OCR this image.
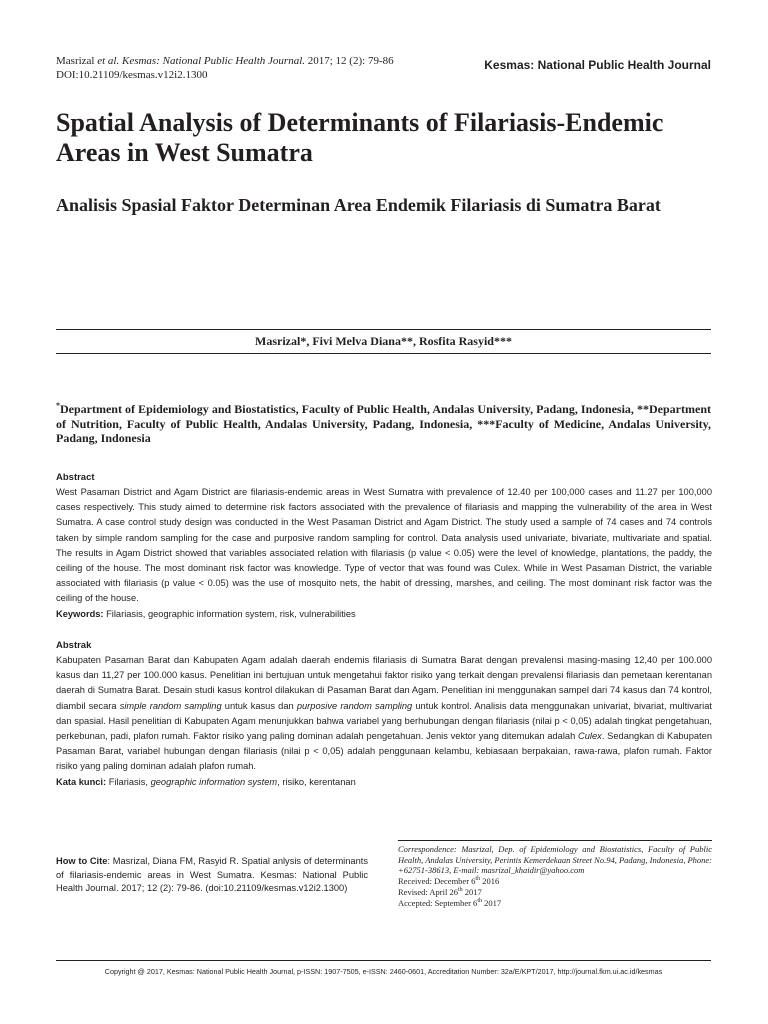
Masrizal et al. Kesmas: National Public Health Journal. 2017; 12 (2): 79-86
DOI:10.21109/kesmas.v12i2.1300
Kesmas: National Public Health Journal
Spatial Analysis of Determinants of Filariasis-Endemic Areas in West Sumatra
Analisis Spasial Faktor Determinan Area Endemik Filariasis di Sumatra Barat
Masrizal*, Fivi Melva Diana**, Rosfita Rasyid***
*Department of Epidemiology and Biostatistics, Faculty of Public Health, Andalas University, Padang, Indonesia, **Department of Nutrition, Faculty of Public Health, Andalas University, Padang, Indonesia, ***Faculty of Medicine, Andalas University, Padang, Indonesia
Abstract

West Pasaman District and Agam District are filariasis-endemic areas in West Sumatra with prevalence of 12.40 per 100,000 cases and 11.27 per 100,000 cases respectively. This study aimed to determine risk factors associated with the prevalence of filariasis and mapping the vulnerability of the area in West Sumatra. A case control study design was conducted in the West Pasaman District and Agam District. The study used a sample of 74 cases and 74 controls taken by simple random sampling for the case and purposive random sampling for control. Data analysis used univariate, bivariate, multivariate and spatial. The results in Agam District showed that variables associated relation with filariasis (p value < 0.05) were the level of knowledge, plantations, the paddy, the ceiling of the house. The most dominant risk factor was knowledge. Type of vector that was found was Culex. While in West Pasaman District, the variable associated with filariasis (p value < 0.05) was the use of mosquito nets, the habit of dressing, marshes, and ceiling. The most dominant risk factor was the ceiling of the house.

Keywords: Filariasis, geographic information system, risk, vulnerabilities

Abstrak

Kabupaten Pasaman Barat dan Kabupaten Agam adalah daerah endemis filariasis di Sumatra Barat dengan prevalensi masing-masing 12,40 per 100.000 kasus dan 11,27 per 100.000 kasus. Penelitian ini bertujuan untuk mengetahui faktor risiko yang terkait dengan prevalensi filariasis dan pemetaan kerentanan daerah di Sumatra Barat. Desain studi kasus kontrol dilakukan di Pasaman Barat dan Agam. Penelitian ini menggunakan sampel dari 74 kasus dan 74 kontrol, diambil secara simple random sampling untuk kasus dan purposive random sampling untuk kontrol. Analisis data menggunakan univariat, bivariat, multivariat dan spasial. Hasil penelitian di Kabupaten Agam menunjukkan bahwa variabel yang berhubungan dengan filariasis (nilai p < 0,05) adalah tingkat pengetahuan, perkebunan, padi, plafon rumah. Faktor risiko yang paling dominan adalah pengetahuan. Jenis vektor yang ditemukan adalah Culex. Sedangkan di Kabupaten Pasaman Barat, variabel hubungan dengan filariasis (nilai p < 0,05) adalah penggunaan kelambu, kebiasaan berpakaian, rawa-rawa, plafon rumah. Faktor risiko yang paling dominan adalah plafon rumah.

Kata kunci: Filariasis, geographic information system, risiko, kerentanan

How to Cite: Masrizal, Diana FM, Rasyid R. Spatial anlysis of determinants of filariasis-endemic areas in West Sumatra. Kesmas: National Public Health Journal. 2017; 12 (2): 79-86. (doi:10.21109/kesmas.v12i2.1300)
Correspondence: Masrizal, Dep. of Epidemiology and Biostatistics, Faculty of Public Health, Andalas University, Perintis Kemerdekaan Street No.94, Padang, Indonesia, Phone: +62751-38613, E-mail: masrizal_khaidir@yahoo.com
Received: December 6th 2016
Revised: April 26th 2017
Accepted: September 6th 2017
Copyright @ 2017, Kesmas: National Public Health Journal, p-ISSN: 1907-7505, e-ISSN: 2460-0601, Accreditation Number: 32a/E/KPT/2017, http://journal.fkm.ui.ac.id/kesmas
